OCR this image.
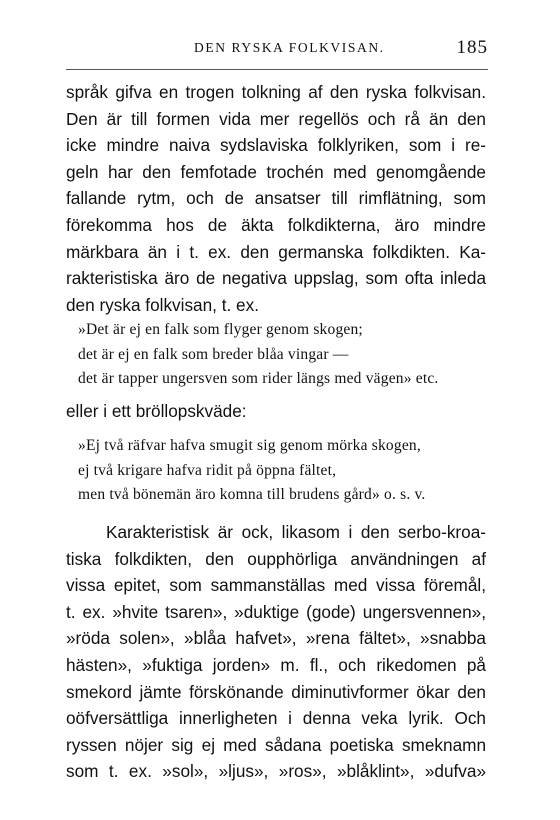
DEN RYSKA FOLKVISAN.	185
språk gifva en trogen tolkning af den ryska folkvisan.
Den är till formen vida mer regellös och rå än den
icke mindre naiva sydslaviska folklyriken, som i re-
geln har den femfotade trochén med genomgående
fallande rytm, och de ansatser till rimflätning, som
förekomma hos de äkta folkdikterna, äro mindre
märkbara än i t. ex. den germanska folkdikten. Ka-
rakteristiska äro de negativa uppslag, som ofta inleda
den ryska folkvisan, t. ex.
»Det är ej en falk som flyger genom skogen;
det är ej en falk som breder blåa vingar —
det är tapper ungersven som rider längs med vägen» etc.
eller i ett bröllopskväde:
»Ej två räfvar hafva smugit sig genom mörka skogen,
ej två krigare hafva ridit på öppna fältet,
men två bönemän äro komna till brudens gård» o. s. v.
Karakteristisk är ock, likasom i den serbo-kroa-
tiska folkdikten, den oupphörliga användningen af
vissa epitet, som sammanställas med vissa föremål,
t. ex. »hvite tsaren», »duktige (gode) ungersvennen»,
»röda solen», »blåa hafvet», »rena fältet», »snabba
hästen», »fuktiga jorden» m. fl., och rikedomen på
smekord jämte förskönande diminutivformer ökar den
oöfversättliga innerligheten i denna veka lyrik. Och
ryssen nöjer sig ej med sådana poetiska smeknamn
som t. ex. »sol», »ljus», »ros», »blåklint», »dufva»
